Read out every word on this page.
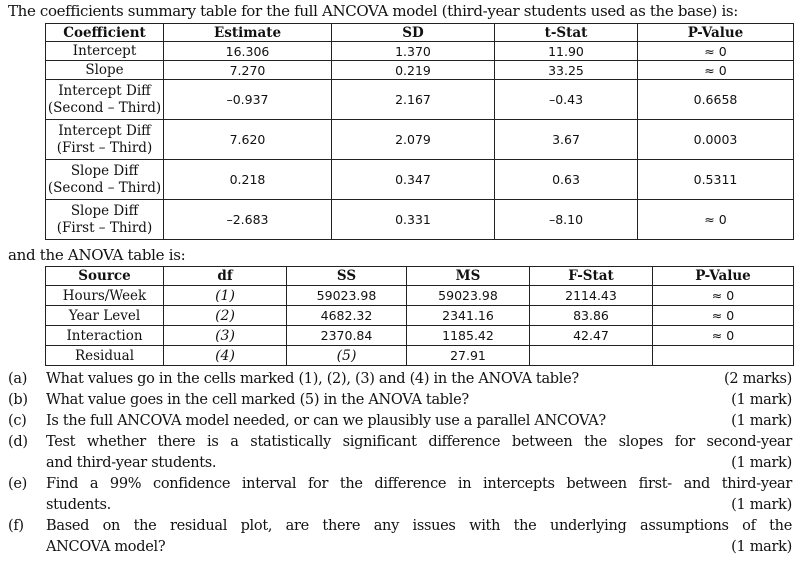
The coefficients summary table for the full ANCOVA model (third-year students used as the base) is:
Coefficient	Estimate	SD	t-Stat	P-Value
Intercept	16.306	1.370	11.90	≈ 0
Slope	7.270	0.219	33.25	≈ 0
Intercept Diff
(Second – Third)	–0.937	2.167	–0.43	0.6658
Intercept Diff
(First – Third)	7.620	2.079	3.67	0.0003
Slope Diff
(Second – Third)	0.218	0.347	0.63	0.5311
Slope Diff
(First – Third)	–2.683	0.331	–8.10	≈ 0
and the ANOVA table is:
Source	df	SS	MS	F-Stat	P-Value
Hours/Week	(1)	59023.98	59023.98	2114.43	≈ 0
Year Level	(2)	4682.32	2341.16	83.86	≈ 0
Interaction	(3)	2370.84	1185.42	42.47	≈ 0
Residual	(4)	(5)	27.91		
(a)	What values go in the cells marked (1), (2), (3) and (4) in the ANOVA table?	(2 marks)
(b)	What value goes in the cell marked (5) in the ANOVA table?	(1 mark)
(c)	Is the full ANCOVA model needed, or can we plausibly use a parallel ANCOVA?	(1 mark)
(d)	Test whether there is a statistically significant difference between the slopes for second-year
and third-year students.	(1 mark)
(e)	Find a 99% confidence interval for the difference in intercepts between first- and third-year
students.	(1 mark)
(f)	Based on the residual plot, are there any issues with the underlying assumptions of the
ANCOVA model?	(1 mark)
